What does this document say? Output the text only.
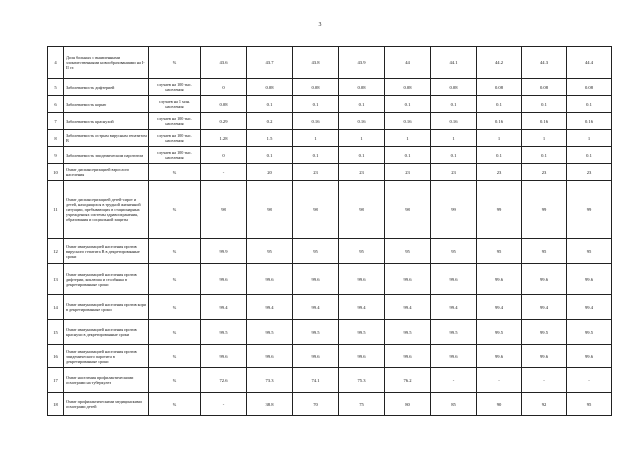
3
4	Доля больных с выявленными злокачественными новообразованиями на I-II ст.	%	43.6	43.7	43.8	43.9	44	44.1	44.2	44.3	44.4
5	Заболеваемость дифтерией	случаев на 100 тыс. населения	0	0.08	0.08	0.08	0.08	0.08	0.08	0.08	0.08
6	Заболеваемость корью	случаев на 1 млн. населения	0.08	0.1	0.1	0.1	0.1	0.1	0.1	0.1	0.1
7	Заболеваемость краснухой	случаев на 100 тыс. населения	0.29	0.2	0.16	0.16	0.16	0.16	0.16	0.16	0.16
8	Заболеваемость острым вирусным гепатитом В	случаев на 100 тыс. населения	1.28	1.5	1	1	1	1	1	1	1
9	Заболеваемость эпидемическим паротитом	случаев на 100 тыс. населения	0	0.1	0.1	0.1	0.1	0.1	0.1	0.1	0.1
10	Охват диспансеризацией взрослого населения	%	-	20	23	23	23	23	23	23	23
11	Охват диспансеризацией детей-сирот и детей, находящихся в трудной жизненной ситуации, пребывающих в стационарных учреждениях системы здравоохранения, образования и социальной защиты	%	98	98	98	98	98	99	99	99	99
12	Охват иммунизацией населения против вирусного гепатита В в декретированные сроки	%	99.9	95	95	95	95	95	95	95	95
13	Охват иммунизацией населения против дифтерии, коклюша и столбняка в декретированные сроки	%	99.6	99.6	99.6	99.6	99.6	99.6	99.6	99.6	99.6
14	Охват иммунизацией населения против кори в декретированные сроки	%	99.4	99.4	99.4	99.4	99.4	99.4	99.4	99.4	99.4
15	Охват иммунизацией населения против краснухи в декретированные сроки	%	99.5	99.5	99.5	99.5	99.5	99.5	99.5	99.5	99.5
16	Охват иммунизацией населения против эпидемического паротита в декретированные сроки	%	99.6	99.6	99.6	99.6	99.6	99.6	99.6	99.6	99.6
17	Охват населения профилактическими осмотрами на туберкулез	%	72.6	73.3	74.1	75.3	76.2	-	-	-	-
18	Охват профилактическими медицинскими осмотрами детей	%	-	38.8	70	75	80	85	90	92	95
